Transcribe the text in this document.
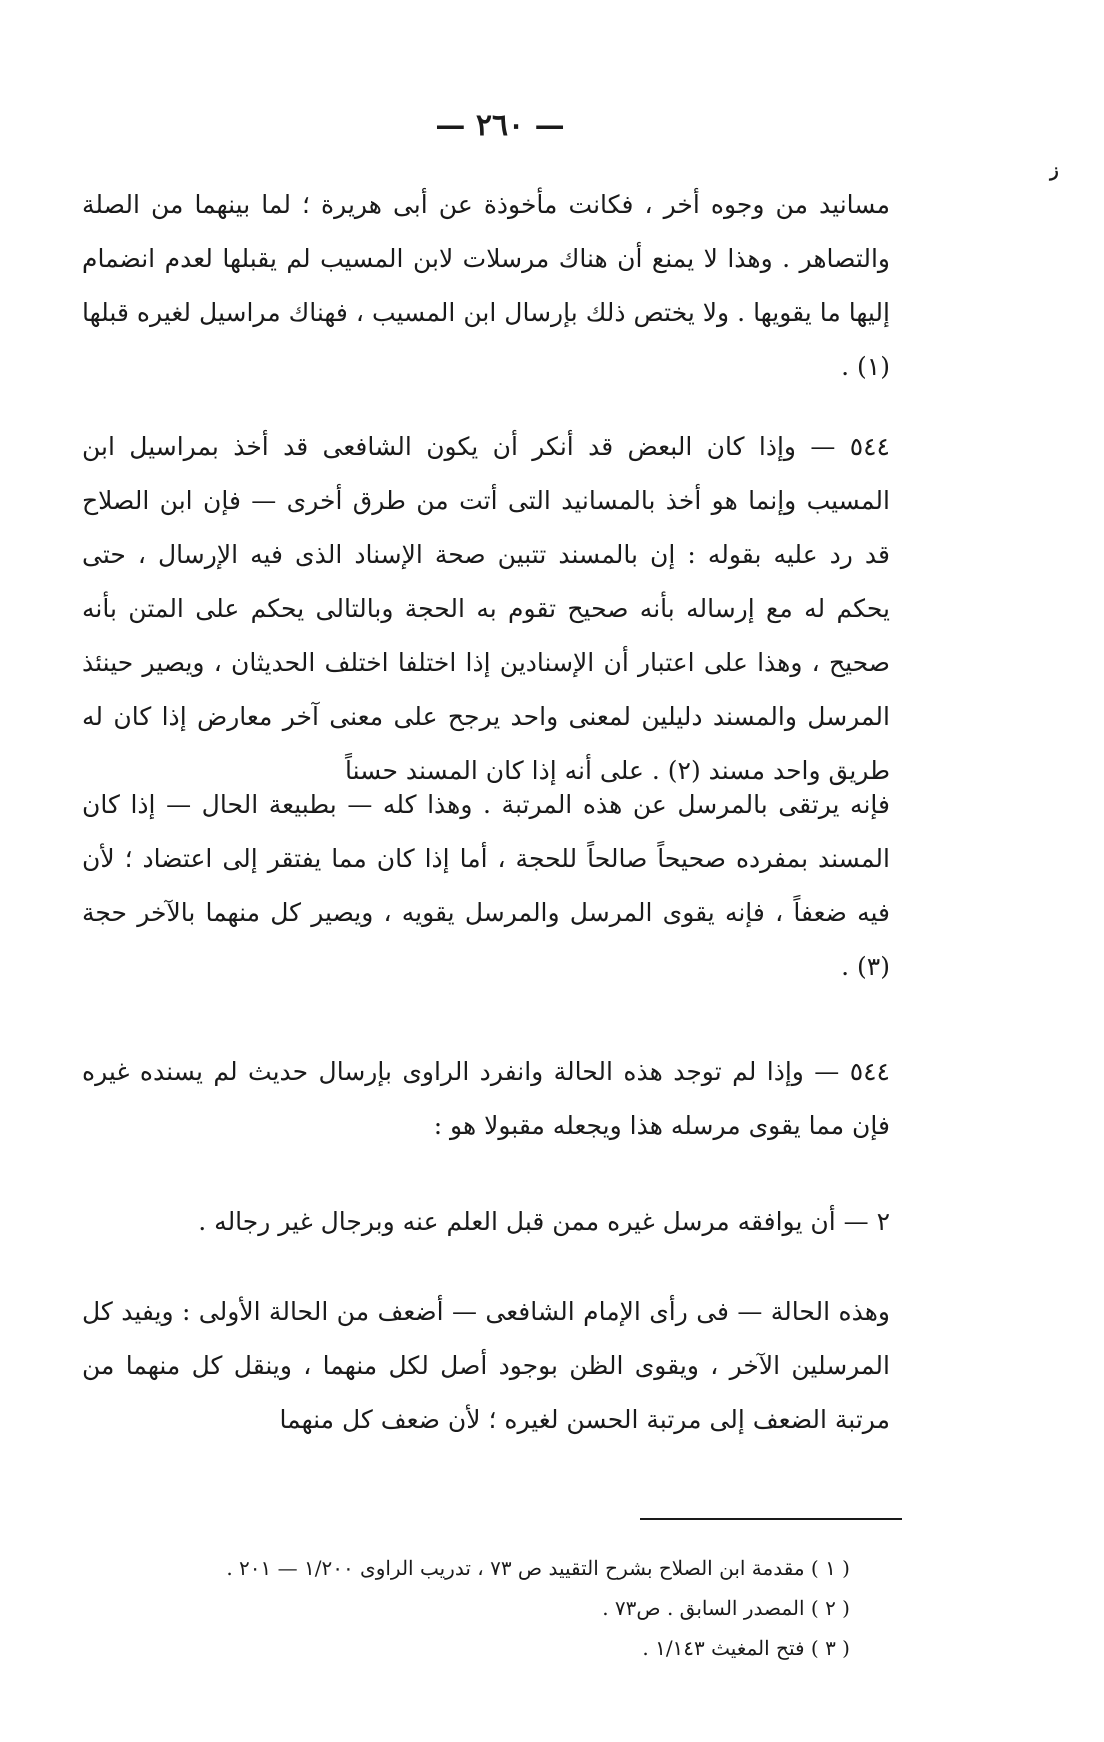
— ٢٦٠ —
ﺯ

مسانيد من وجوه أخر ، فكانت مأخوذة عن أبى هريرة ؛ لما بينهما من الصلة والتصاهر . وهذا لا يمنع أن هناك مرسلات لابن المسيب لم يقبلها لعدم انضمام إليها ما يقويها . ولا يختص ذلك بإرسال ابن المسيب ، فهناك مراسيل لغيره قبلها (١) .

٥٤٤ — وإذا كان البعض قد أنكر أن يكون الشافعى قد أخذ بمراسيل ابن المسيب وإنما هو أخذ بالمسانيد التى أتت من طرق أخرى — فإن ابن الصلاح قد رد عليه بقوله : إن بالمسند تتبين صحة الإسناد الذى فيه الإرسال ، حتى يحكم له مع إرساله بأنه صحيح تقوم به الحجة وبالتالى يحكم على المتن بأنه صحيح ، وهذا على اعتبار أن الإسنادين إذا اختلفا اختلف الحديثان ، ويصير حينئذ المرسل والمسند دليلين لمعنى واحد يرجح على معنى آخر معارض إذا كان له طريق واحد مسند (٢) . على أنه إذا كان المسند حسناً

فإنه يرتقى بالمرسل عن هذه المرتبة . وهذا كله — بطبيعة الحال — إذا كان المسند بمفرده صحيحاً صالحاً للحجة ، أما إذا كان مما يفتقر إلى اعتضاد ؛ لأن فيه ضعفاً ، فإنه يقوى المرسل والمرسل يقويه ، ويصير كل منهما بالآخر حجة (٣) .

٥٤٤ — وإذا لم توجد هذه الحالة وانفرد الراوى بإرسال حديث لم يسنده غيره فإن مما يقوى مرسله هذا ويجعله مقبولا هو :

٢ — أن يوافقه مرسل غيره ممن قبل العلم عنه وبرجال غير رجاله .

وهذه الحالة — فى رأى الإمام الشافعى — أضعف من الحالة الأولى : ويفيد كل المرسلين الآخر ، ويقوى الظن بوجود أصل لكل منهما ، وينقل كل منهما من مرتبة الضعف إلى مرتبة الحسن لغيره ؛ لأن ضعف كل منهما

( ١ ) مقدمة ابن الصلاح بشرح التقييد ص ٧٣ ، تدريب الراوى ١/٢٠٠ — ٢٠١ .
( ٢ ) المصدر السابق . ص٧٣ .
( ٣ ) فتح المغيث ١/١٤٣ .
